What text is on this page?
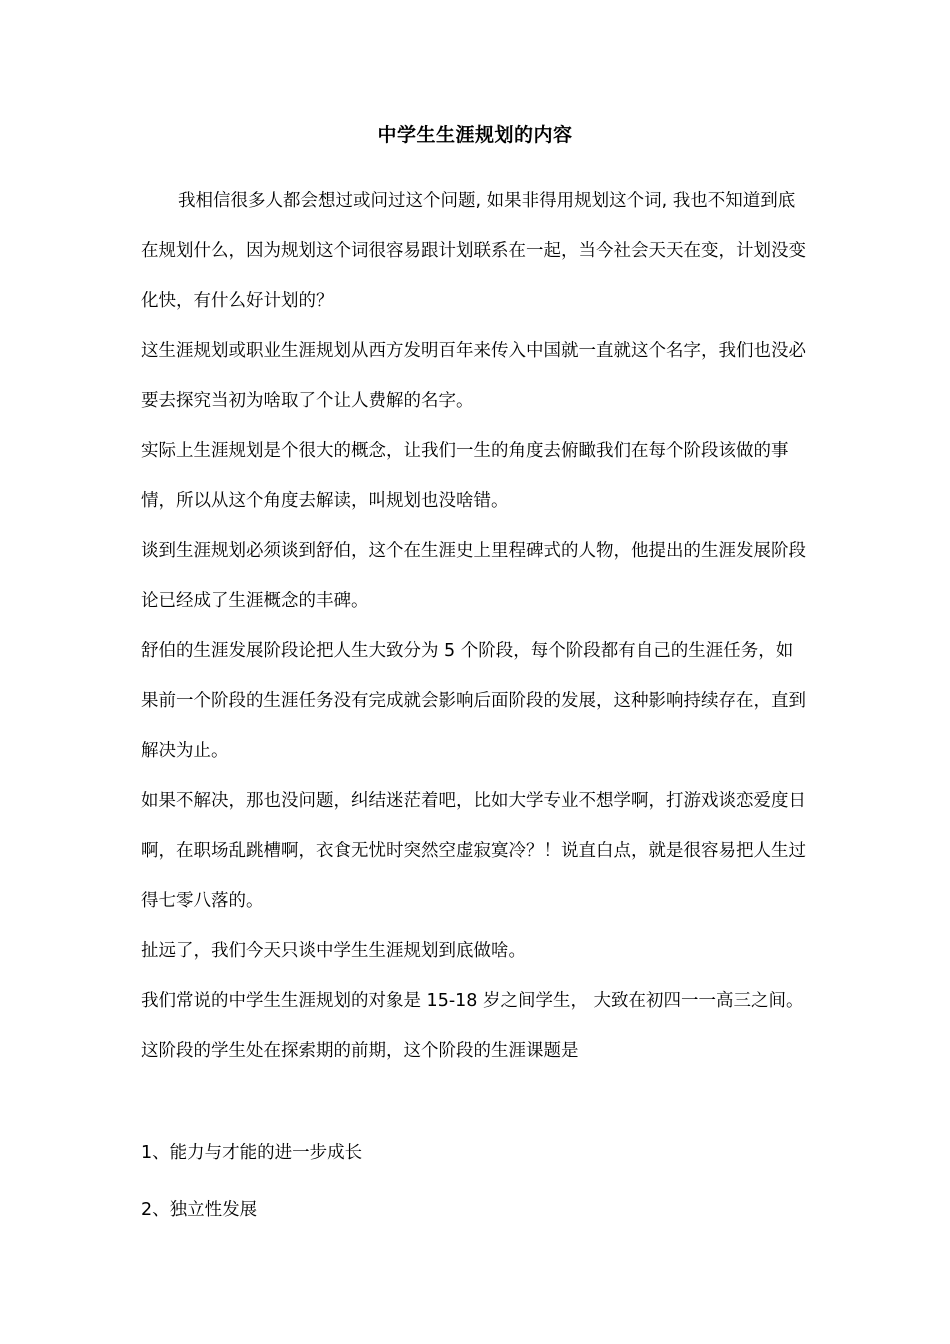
中学生生涯规划的内容

我相信很多人都会想过或问过这个问题, 如果非得用规划这个词, 我也不知道到底在规划什么，因为规划这个词很容易跟计划联系在一起，当今社会天天在变，计划没变化快，有什么好计划的？

这生涯规划或职业生涯规划从西方发明百年来传入中国就一直就这个名字，我们也没必要去探究当初为啥取了个让人费解的名字。

实际上生涯规划是个很大的概念，让我们一生的角度去俯瞰我们在每个阶段该做的事情，所以从这个角度去解读，叫规划也没啥错。

谈到生涯规划必须谈到舒伯，这个在生涯史上里程碑式的人物，他提出的生涯发展阶段论已经成了生涯概念的丰碑。

舒伯的生涯发展阶段论把人生大致分为 5 个阶段，每个阶段都有自己的生涯任务，如果前一个阶段的生涯任务没有完成就会影响后面阶段的发展，这种影响持续存在，直到解决为止。

如果不解决，那也没问题，纠结迷茫着吧，比如大学专业不想学啊，打游戏谈恋爱度日啊，在职场乱跳槽啊，衣食无忧时突然空虚寂寞冷？！说直白点，就是很容易把人生过得七零八落的。

扯远了，我们今天只谈中学生生涯规划到底做啥。

我们常说的中学生生涯规划的对象是 15-18 岁之间学生， 大致在初四一一高三之间。

这阶段的学生处在探索期的前期，这个阶段的生涯课题是

1、能力与才能的进一步成长
2、独立性发展
